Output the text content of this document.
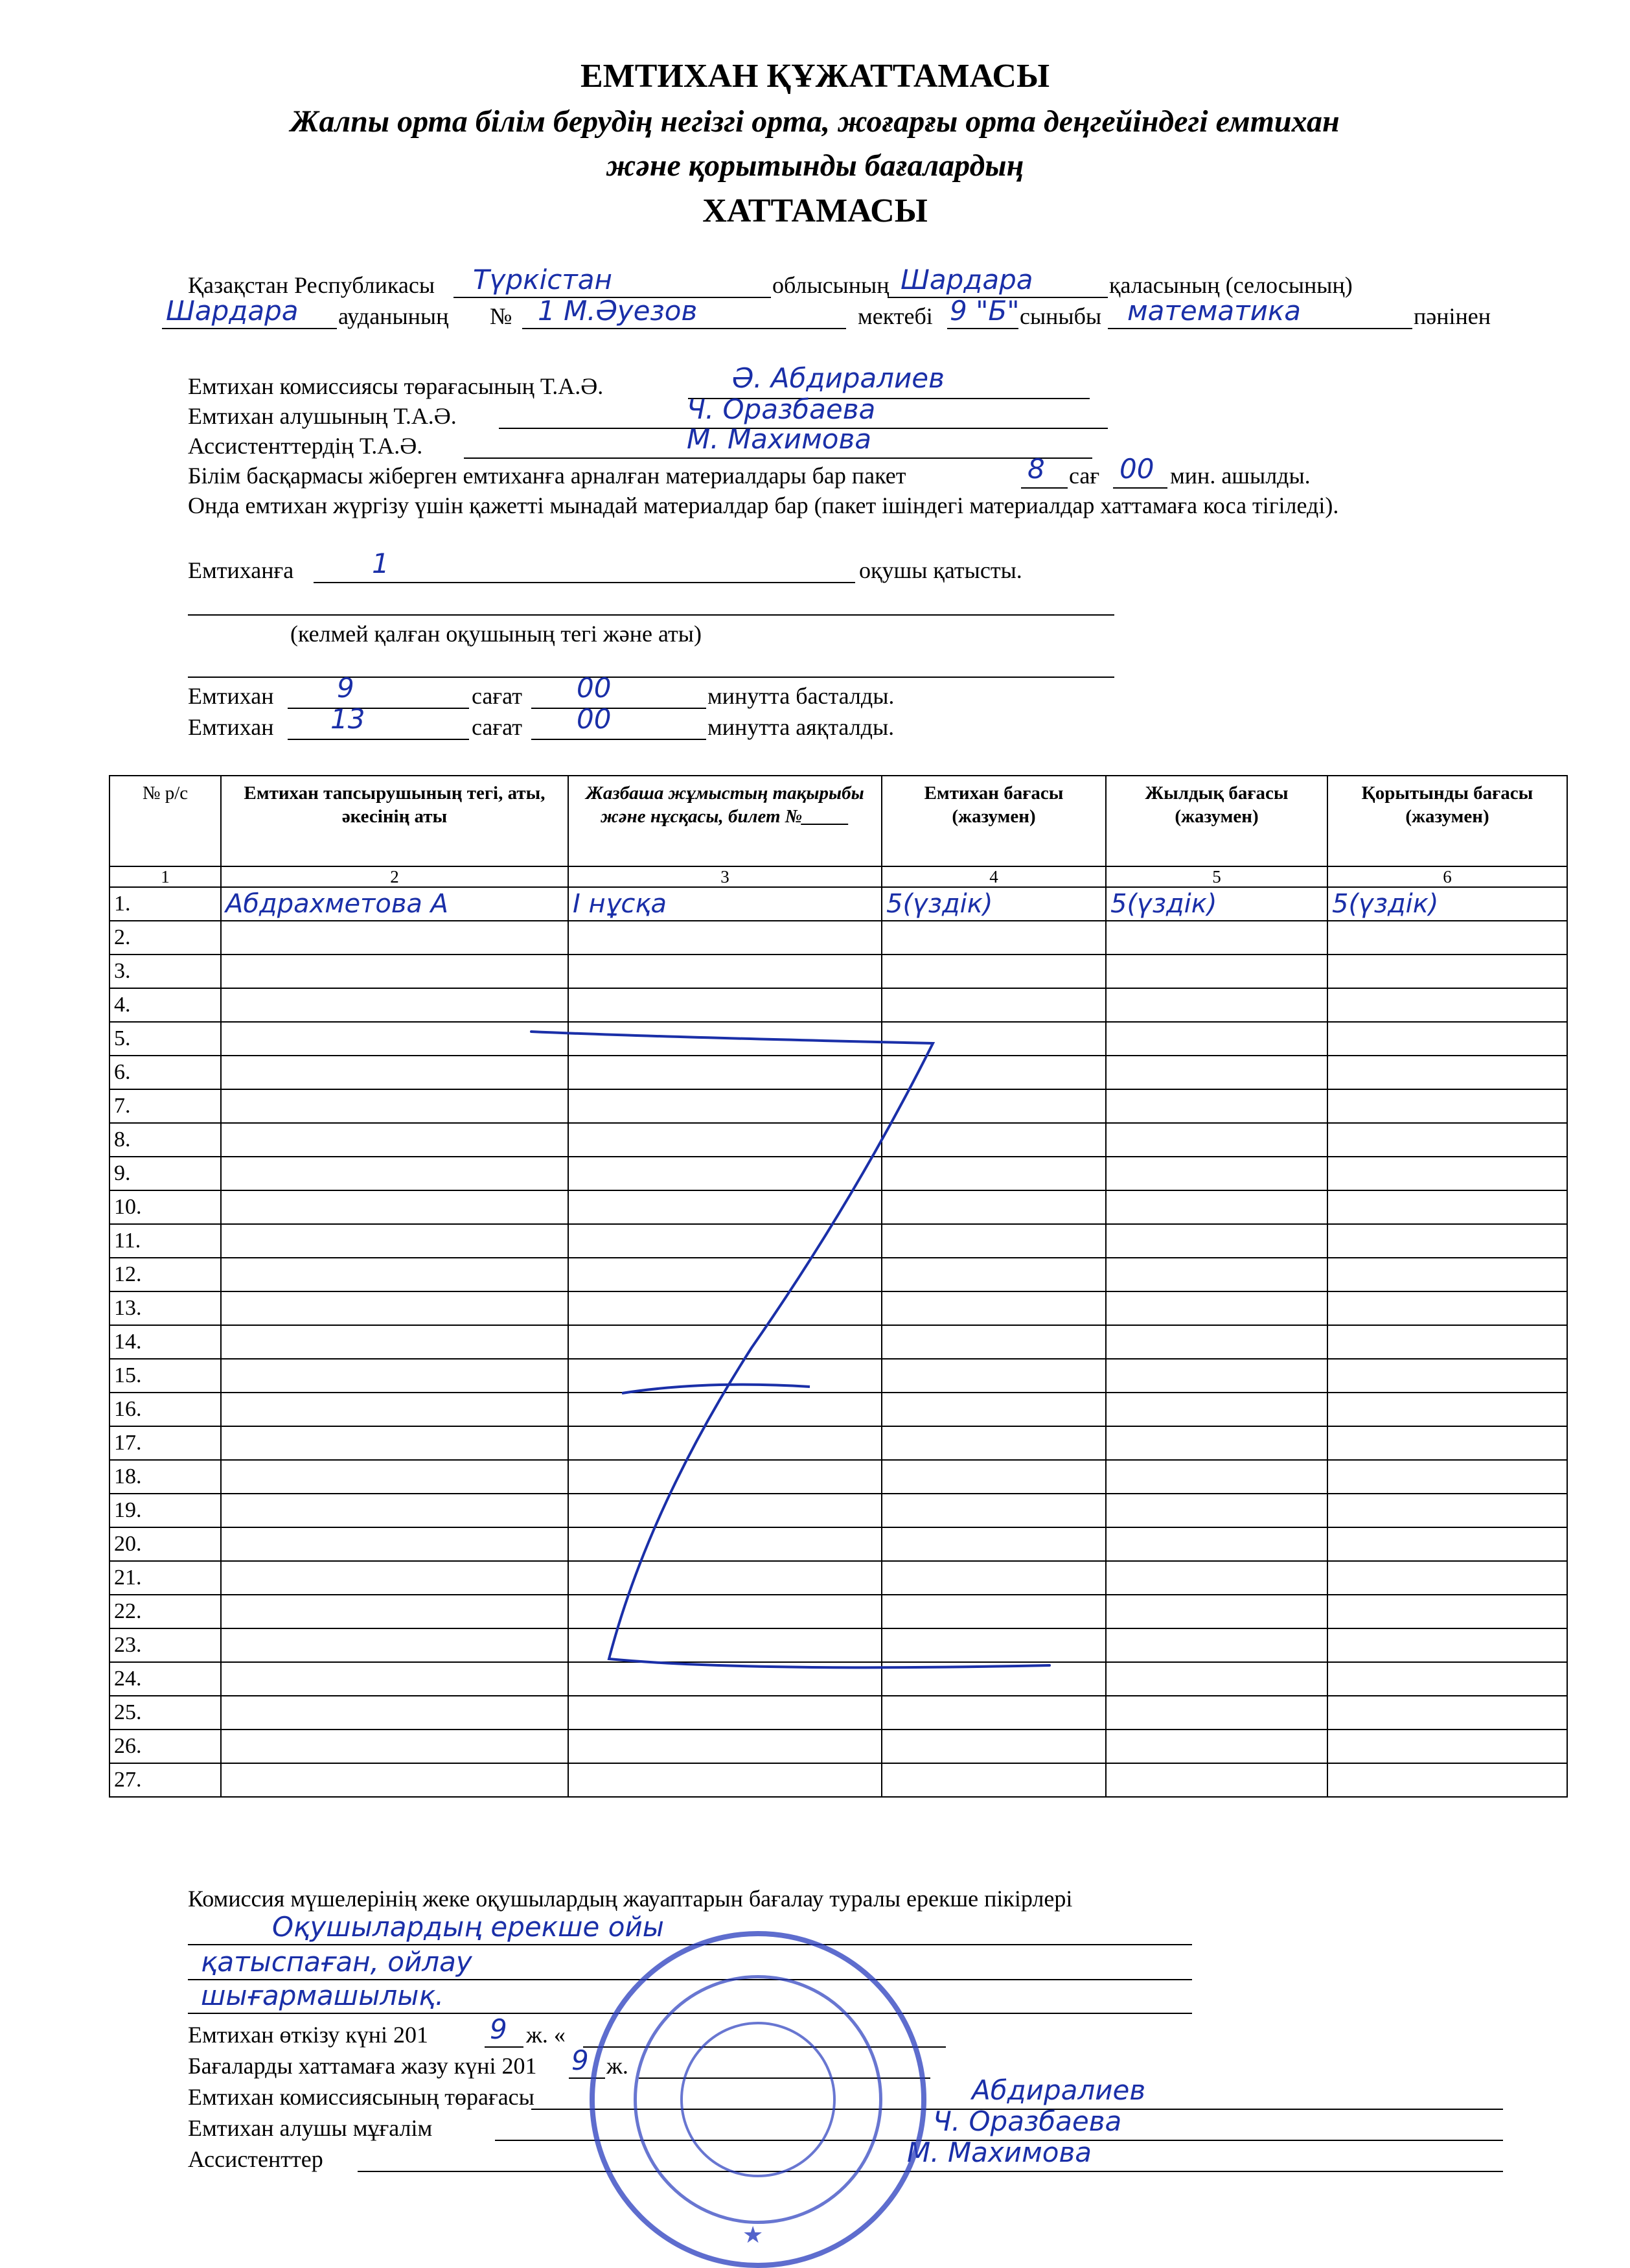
ЕМТИХАН ҚҰЖАТТАМАСЫ
Жалпы орта білім берудің негізгі орта, жоғарғы орта деңгейіндегі емтихан
және қорытынды бағалардың
ХАТТАМАСЫ
Қазақстан Республикасы Түркістан	облысының Шардара	қаласының (селосының)
Шардара ауданының № 1 М.Әуезов	мектебі 9 "Б" сыныбы математика	пәнінен
Емтихан комиссиясы төрағасының Т.А.Ә.	Ә. Абдиралиев
Емтихан алушының Т.А.Ә.	Ч. Оразбаева
Ассистенттердің Т.А.Ә.	М. Махимова
Білім басқармасы жіберген емтиханға арналған материалдары бар пакет	8 сағ 00 мин. ашылды.
Онда емтихан жүргізу үшін қажетті мынадай материалдар бар (пакет ішіндегі материалдар хаттамаға коса тігіледі).
Емтиханға	1	оқушы қатысты.
(келмей қалған оқушының тегі және аты)
Емтихан 9	сағат 00	минутта басталды.
Емтихан 13	сағат 00	минутта аяқталды.
№ р/с	Емтихан тапсырушының тегі, аты, әкесінің аты	Жазбаша жұмыстың тақырыбы және нұсқасы, билет №_____	Емтихан бағасы (жазумен)	Жылдық бағасы (жазумен)	Қорытынды бағасы (жазумен)
1	2	3	4	5	6
1.	Абдрахметова А	I нұсқа	5(үздік)	5(үздік)	5(үздік)
2.					
3.					
4.					
5.					
6.					
7.					
8.					
9.					
10.					
11.					
12.					
13.					
14.					
15.					
16.					
17.					
18.					
19.					
20.					
21.					
22.					
23.					
24.					
25.					
26.					
27.					
Комиссия мүшелерінің жеке оқушылардың жауаптарын бағалау туралы ерекше пікірлері
Оқушылардың ерекше ойы
қатыспаған, ойлау
шығармашылық.
Емтихан өткізу күні 201 9 ж. «
Бағаларды хаттамаға жазу күні 201 9 ж.
Емтихан комиссиясының төрағасы	Абдиралиев
Емтихан алушы мұғалім	Ч. Оразбаева
Ассистенттер	М. Махимова
★
